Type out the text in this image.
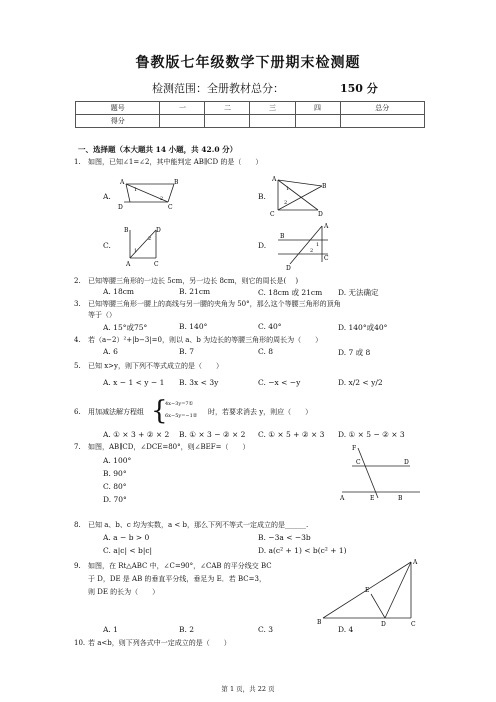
鲁教版七年级数学下册期末检测题
检测范围：全册教材总分：	150 分
题号	一	二	三	四	总分
得分					
一、选择题（本大题共 14 小题，共 42.0 分）
1. 如图，已知∠1=∠2，其中能判定 AB∥CD 的是（　　）
A.
A	B
D	C
1
2	B.
A
B
C	D
1
2
C.
B	D
A	C
1
2
D.
A
B
C
D
1
2
2. 已知等腰三角形的一边长 5cm，另一边长 8cm，则它的周长是(　 )
A. 18cm	B. 21cm	C. 18cm 或 21cm D. 无法确定
3. 已知等腰三角形一腰上的高线与另一腰的夹角为 50°，那么这个等腰三角形的顶角
等于（）
A. 15°或75°	B. 140°	C. 40°	D. 140°或40°
4. 若（a−2）²+|b−3|=0，则以 a、b 为边长的等腰三角形的周长为（　　）
A. 6	B. 7	C. 8	D. 7 或 8
5. 已知 x>y，则下列不等式成立的是（　　）
A. x − 1 < y − 1 B. 3x < 3y	C. −x < −y	D. x/2 < y/2
6. 用加减法解方程组 {
4x−3y=7①
6x−5y=−1② 时，若要求消去 y，则应（　　）
A. ① × 3 + ② × 2 B. ① × 3 − ② × 2 C. ① × 5 + ② × 3 D. ① × 5 − ② × 3
7. 如图，AB∥CD，∠DCE=80°，则∠BEF=（　　）
A. 100°
B. 90°
C. 80°
D. 70°
F
C	D
A	E	B
8. 已知 a、b、c 均为实数，a < b，那么下列不等式一定成立的是______.
A. a − b > 0	B. −3a < −3b
C. a|c| < b|c|	D. a(c² + 1) < b(c² + 1)
9. 如图，在 Rt△ABC 中，∠C=90°，∠CAB 的平分线交 BC
于 D，DE 是 AB 的垂直平分线，垂足为 E．若 BC=3，
则 DE 的长为（　　）
A
B	D	C
E
A. 1	B. 2	C. 3	D. 4
10. 若 a<b，则下列各式中一定成立的是（　　）
第 1 页，共 22 页
